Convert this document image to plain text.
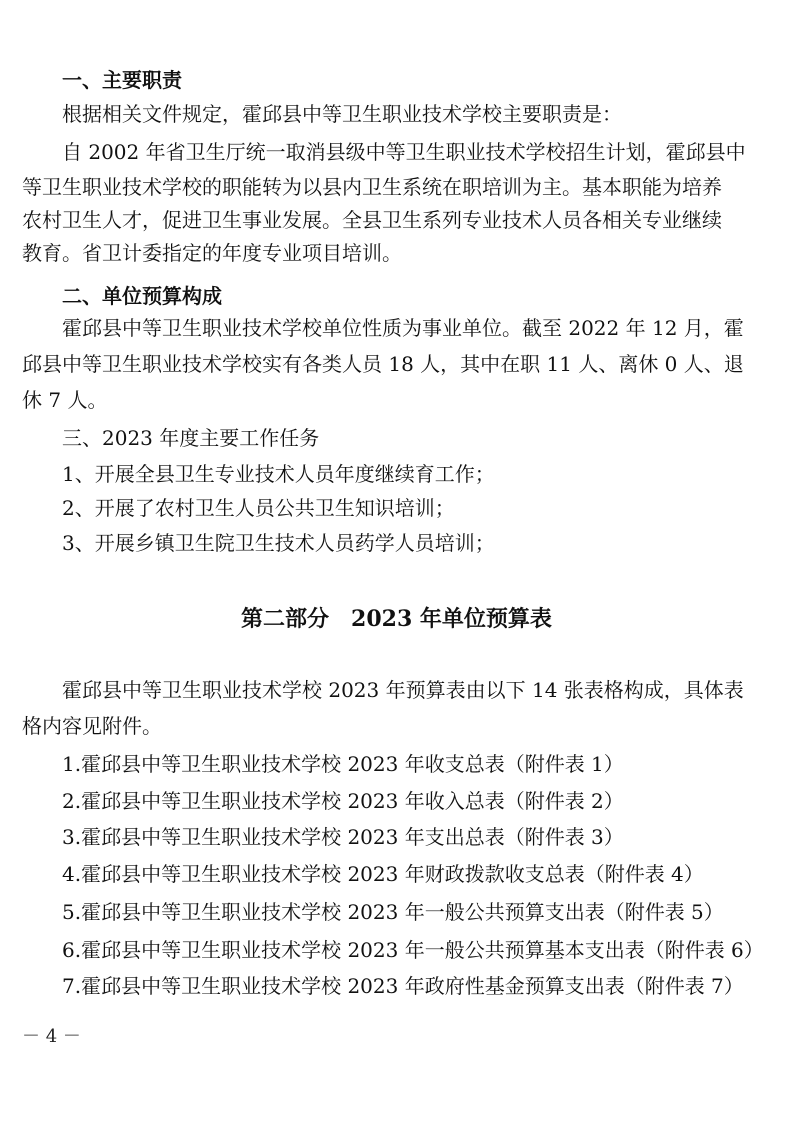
一、主要职责
根据相关文件规定，霍邱县中等卫生职业技术学校主要职责是：
自 2002 年省卫生厅统一取消县级中等卫生职业技术学校招生计划，霍邱县中
等卫生职业技术学校的职能转为以县内卫生系统在职培训为主。基本职能为培养
农村卫生人才，促进卫生事业发展。全县卫生系列专业技术人员各相关专业继续
教育。省卫计委指定的年度专业项目培训。
二、单位预算构成
霍邱县中等卫生职业技术学校单位性质为事业单位。截至 2022 年 12 月，霍
邱县中等卫生职业技术学校实有各类人员 18 人，其中在职 11 人、离休 0 人、退
休 7 人。
三、2023 年度主要工作任务
1、开展全县卫生专业技术人员年度继续育工作；
2、开展了农村卫生人员公共卫生知识培训；
3、开展乡镇卫生院卫生技术人员药学人员培训；
第二部分　2023 年单位预算表
霍邱县中等卫生职业技术学校 2023 年预算表由以下 14 张表格构成，具体表
格内容见附件。
1.霍邱县中等卫生职业技术学校 2023 年收支总表（附件表 1）
2.霍邱县中等卫生职业技术学校 2023 年收入总表（附件表 2）
3.霍邱县中等卫生职业技术学校 2023 年支出总表（附件表 3）
4.霍邱县中等卫生职业技术学校 2023 年财政拨款收支总表（附件表 4）
5.霍邱县中等卫生职业技术学校 2023 年一般公共预算支出表（附件表 5）
6.霍邱县中等卫生职业技术学校 2023 年一般公共预算基本支出表（附件表 6）
7.霍邱县中等卫生职业技术学校 2023 年政府性基金预算支出表（附件表 7）
－ 4 －
